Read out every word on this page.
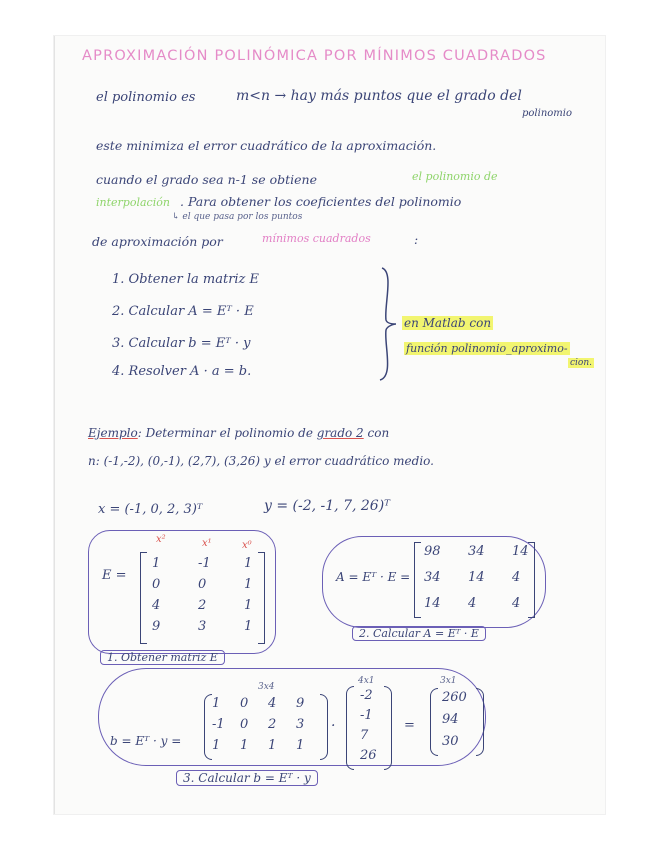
APROXIMACIÓN POLINÓMICA POR MÍNIMOS CUADRADOS
el polinomio es	m<n → hay más puntos que el grado del
polinomio
este minimiza el error cuadrático de la aproximación.
cuando el grado sea n-1 se obtiene	el polinomio de
interpolación . Para obtener los coeficientes del polinomio
↳ el que pasa por los puntos
de aproximación por	mínimos cuadrados	:
1. Obtener la matriz E
2. Calcular A = Eᵀ · E
3. Calcular b = Eᵀ · y
4. Resolver A · a = b.
en Matlab con
función polinomio_aproximo-
cion.
Ejemplo: Determinar el polinomio de grado 2 con
n: (-1,-2), (0,-1), (2,7), (3,26) y el error cuadrático medio.
x = (-1, 0, 2, 3)ᵀ	y = (-2, -1, 7, 26)ᵀ
E =
x²	x¹	x⁰
1	-1	1
0	0	1
4	2	1
9	3	1
1. Obtener matriz E
A = Eᵀ · E =
98 34 14
34 14 4
14 4	4
2. Calcular A = Eᵀ · E
b = Eᵀ · y =
3x4
4x1	3x1
·	=
1 0 4 9
-1 0 2 3
1 1 1 1
-2
-1
7
26
260
94
30
3. Calcular b = Eᵀ · y
